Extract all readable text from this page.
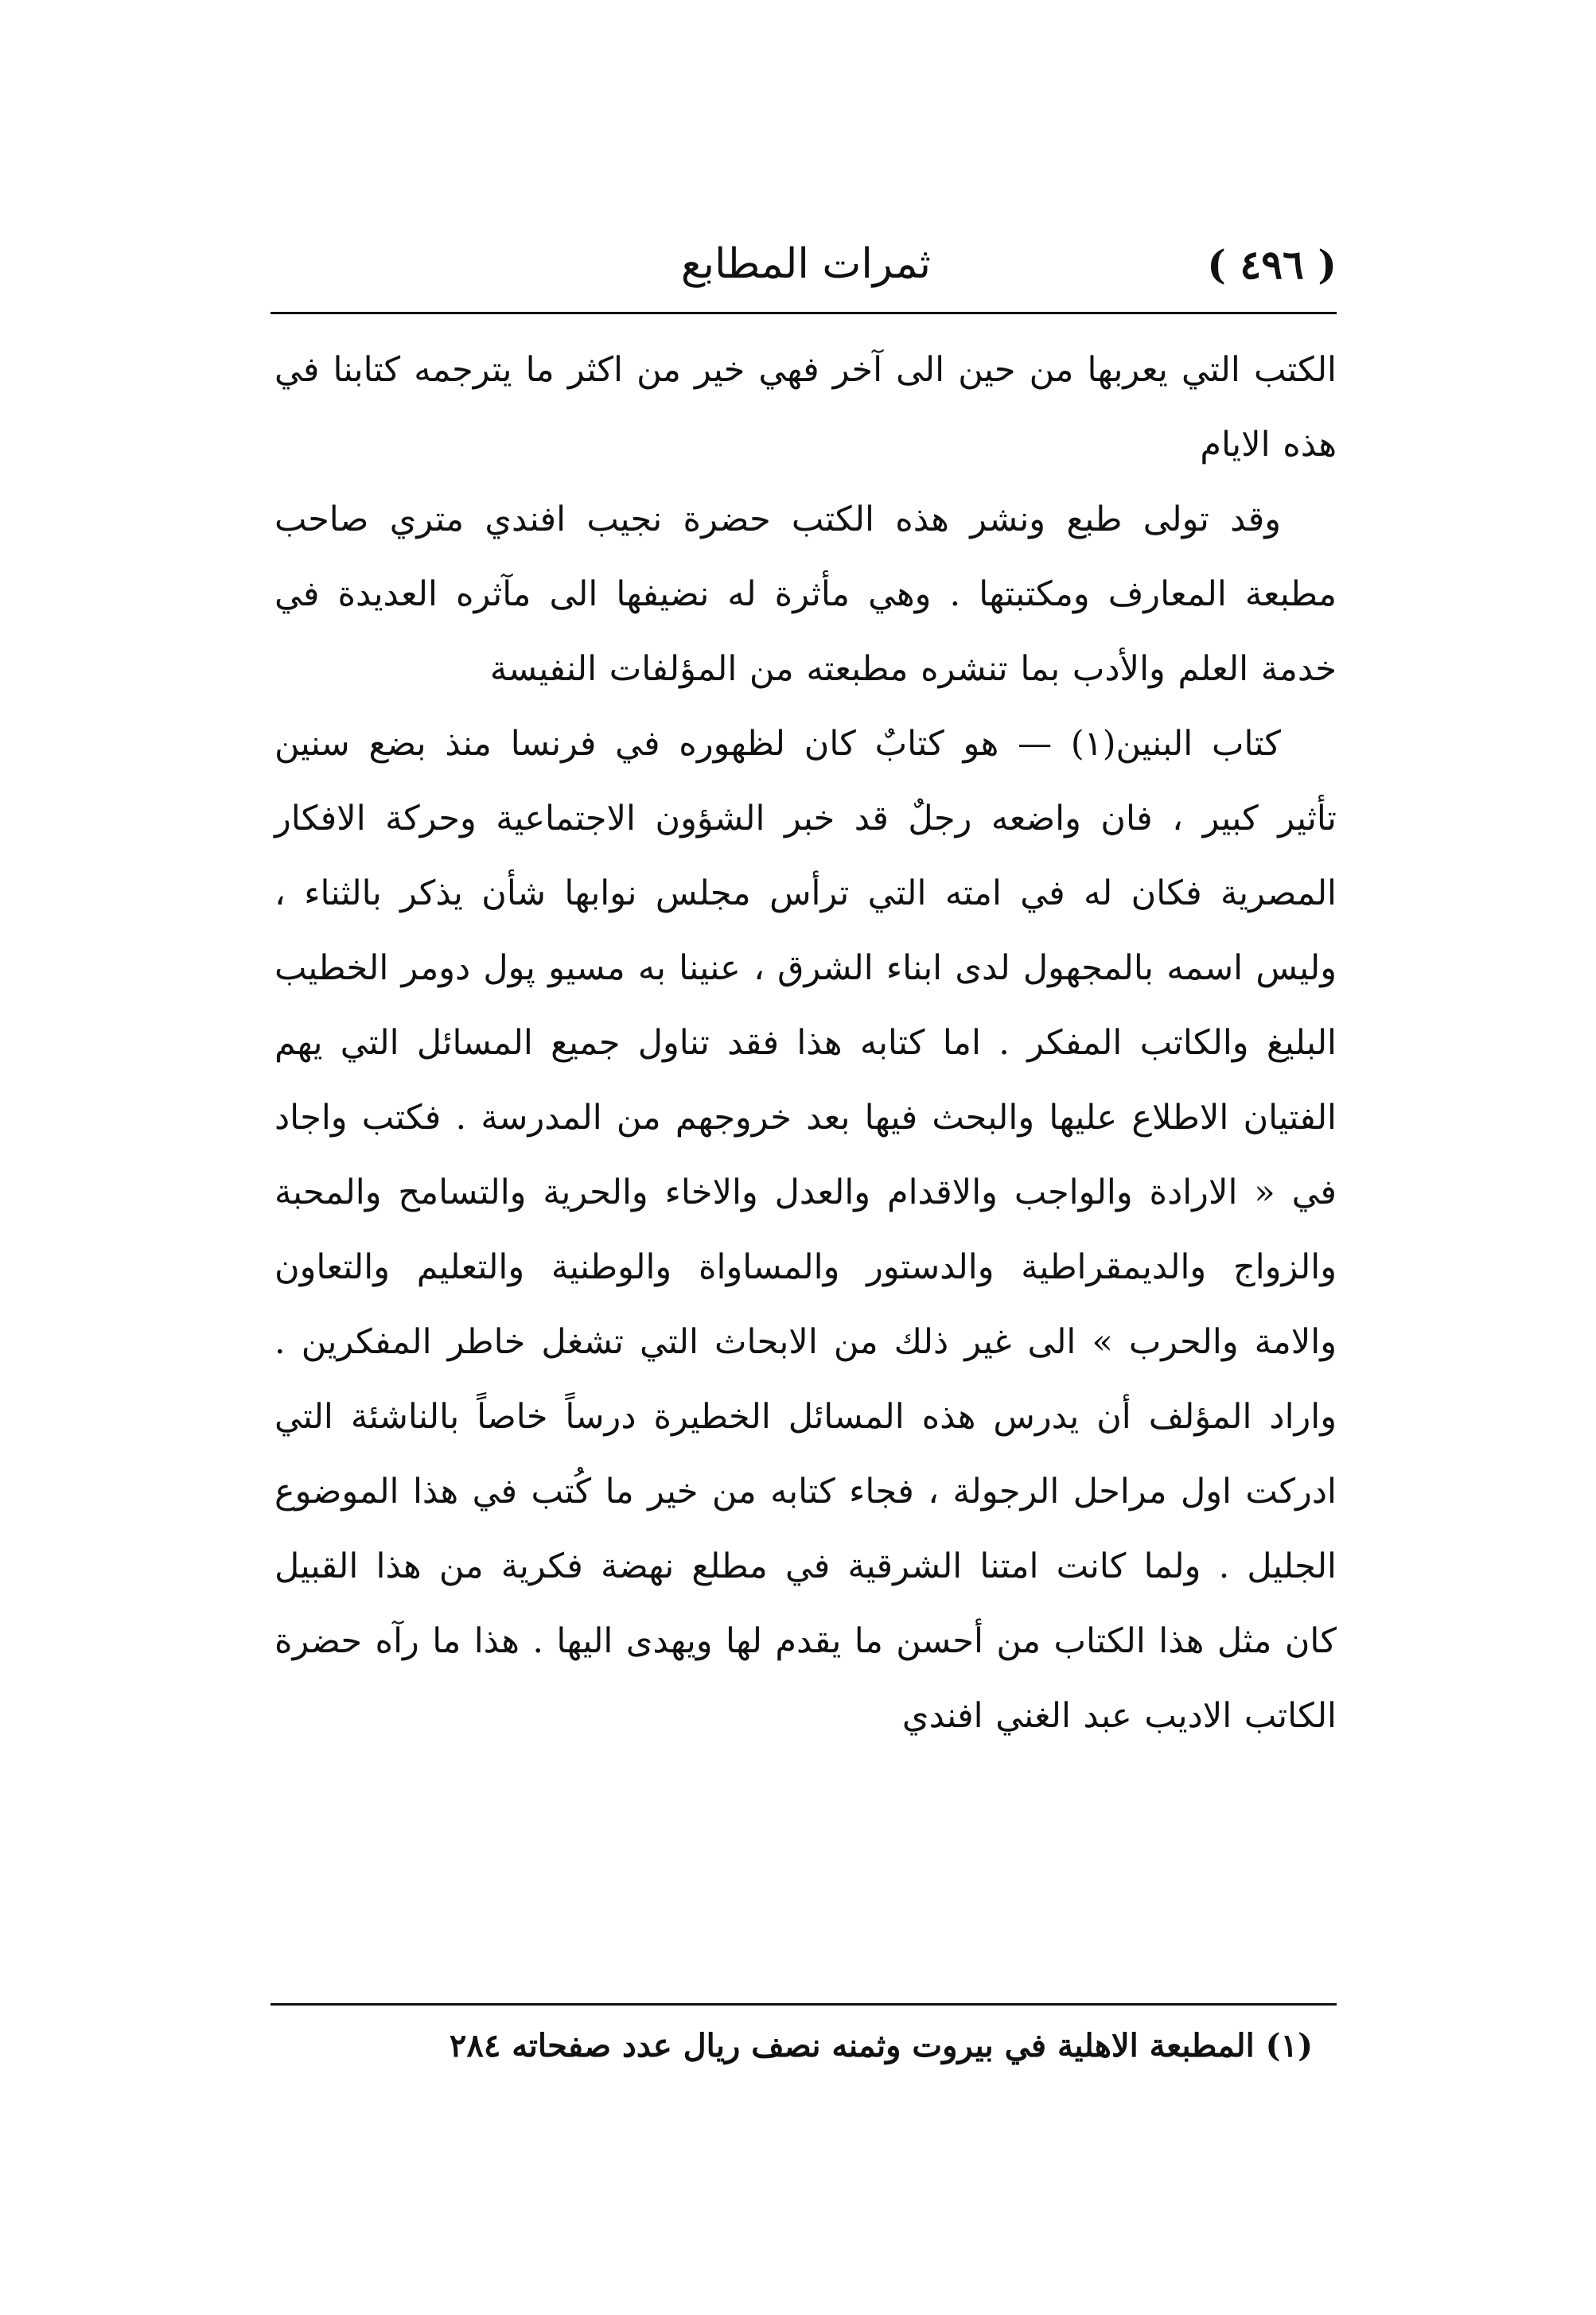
( ٤٩٦ )
ثمرات المطابع

الكتب التي يعربها من حين الى آخر فهي خير من اكثر ما يترجمه كتابنا في هذه الايام

وقد تولى طبع ونشر هذه الكتب حضرة نجيب افندي متري صاحب مطبعة المعارف ومكتبتها . وهي مأثرة له نضيفها الى مآثره العديدة في خدمة العلم والأدب بما تنشره مطبعته من المؤلفات النفيسة

كتاب البنين(١) — هو كتابٌ كان لظهوره في فرنسا منذ بضع سنين تأثير كبير ، فان واضعه رجلٌ قد خبر الشؤون الاجتماعية وحركة الافكار المصرية فكان له في امته التي ترأس مجلس نوابها شأن يذكر بالثناء ، وليس اسمه بالمجهول لدى ابناء الشرق ، عنينا به مسيو پول دومر الخطيب البليغ والكاتب المفكر . اما كتابه هذا فقد تناول جميع المسائل التي يهم الفتيان الاطلاع عليها والبحث فيها بعد خروجهم من المدرسة . فكتب واجاد في « الارادة والواجب والاقدام والعدل والاخاء والحرية والتسامح والمحبة والزواج والديمقراطية والدستور والمساواة والوطنية والتعليم والتعاون والامة والحرب » الى غير ذلك من الابحاث التي تشغل خاطر المفكرين . واراد المؤلف أن يدرس هذه المسائل الخطيرة درساً خاصاً بالناشئة التي ادركت اول مراحل الرجولة ، فجاء كتابه من خير ما كُتب في هذا الموضوع الجليل . ولما كانت امتنا الشرقية في مطلع نهضة فكرية من هذا القبيل كان مثل هذا الكتاب من أحسن ما يقدم لها ويهدى اليها . هذا ما رآه حضرة الكاتب الاديب عبد الغني افندي

(١) المطبعة الاهلية في بيروت وثمنه نصف ريال عدد صفحاته ٢٨٤
